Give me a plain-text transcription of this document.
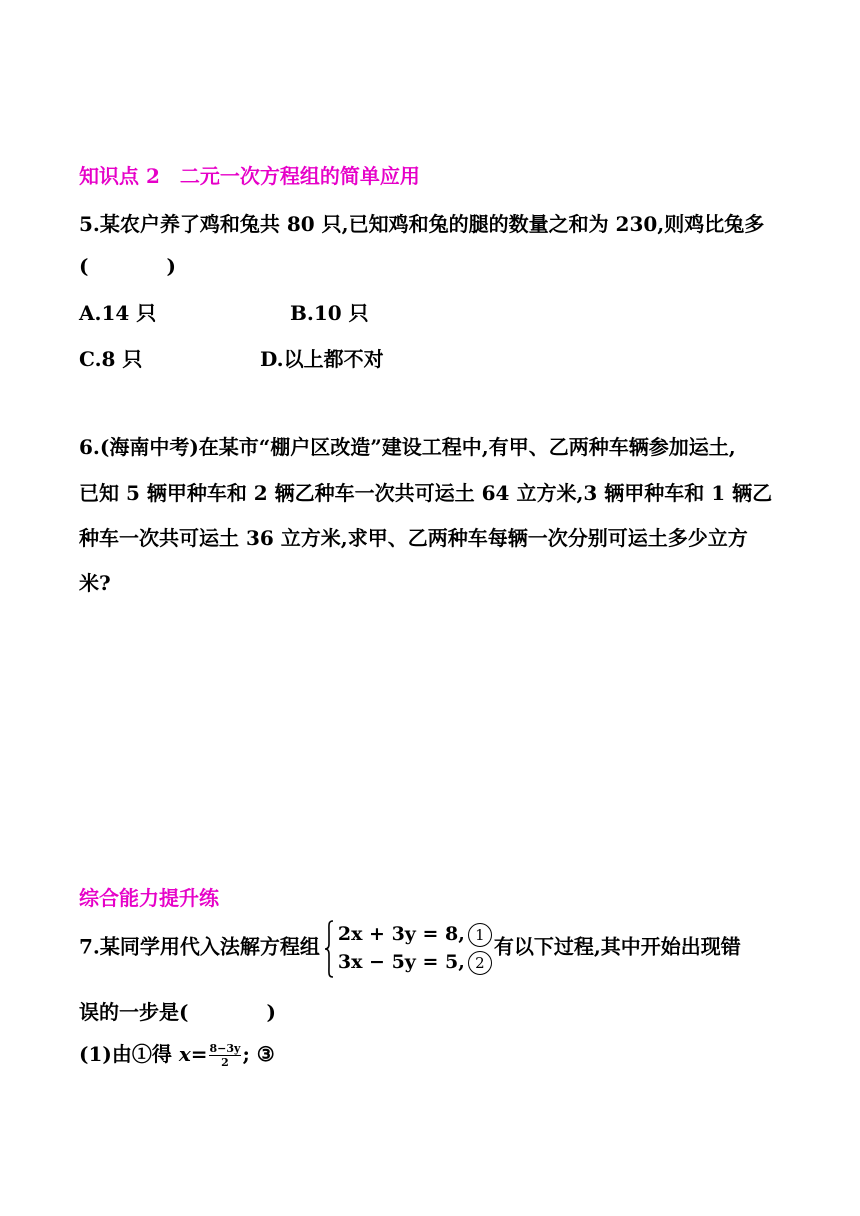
知识点 2　二元一次方程组的简单应用
5.某农户养了鸡和兔共 80 只,已知鸡和兔的腿的数量之和为 230,则鸡比兔多
(	)
A.14 只	B.10 只
C.8 只	D.以上都不对
6.(海南中考)在某市“棚户区改造”建设工程中,有甲、乙两种车辆参加运土,
已知 5 辆甲种车和 2 辆乙种车一次共可运土 64 立方米,3 辆甲种车和 1 辆乙
种车一次共可运土 36 立方米,求甲、乙两种车每辆一次分别可运土多少立方
米?
综合能力提升练
7.某同学用代入法解方程组
2x + 3y = 8, 1
3x − 5y = 5, 2
有以下过程,其中开始出现错
误的一步是(	)
(1)由①得 $x= \frac{8-3y}{2}$ ; ③
